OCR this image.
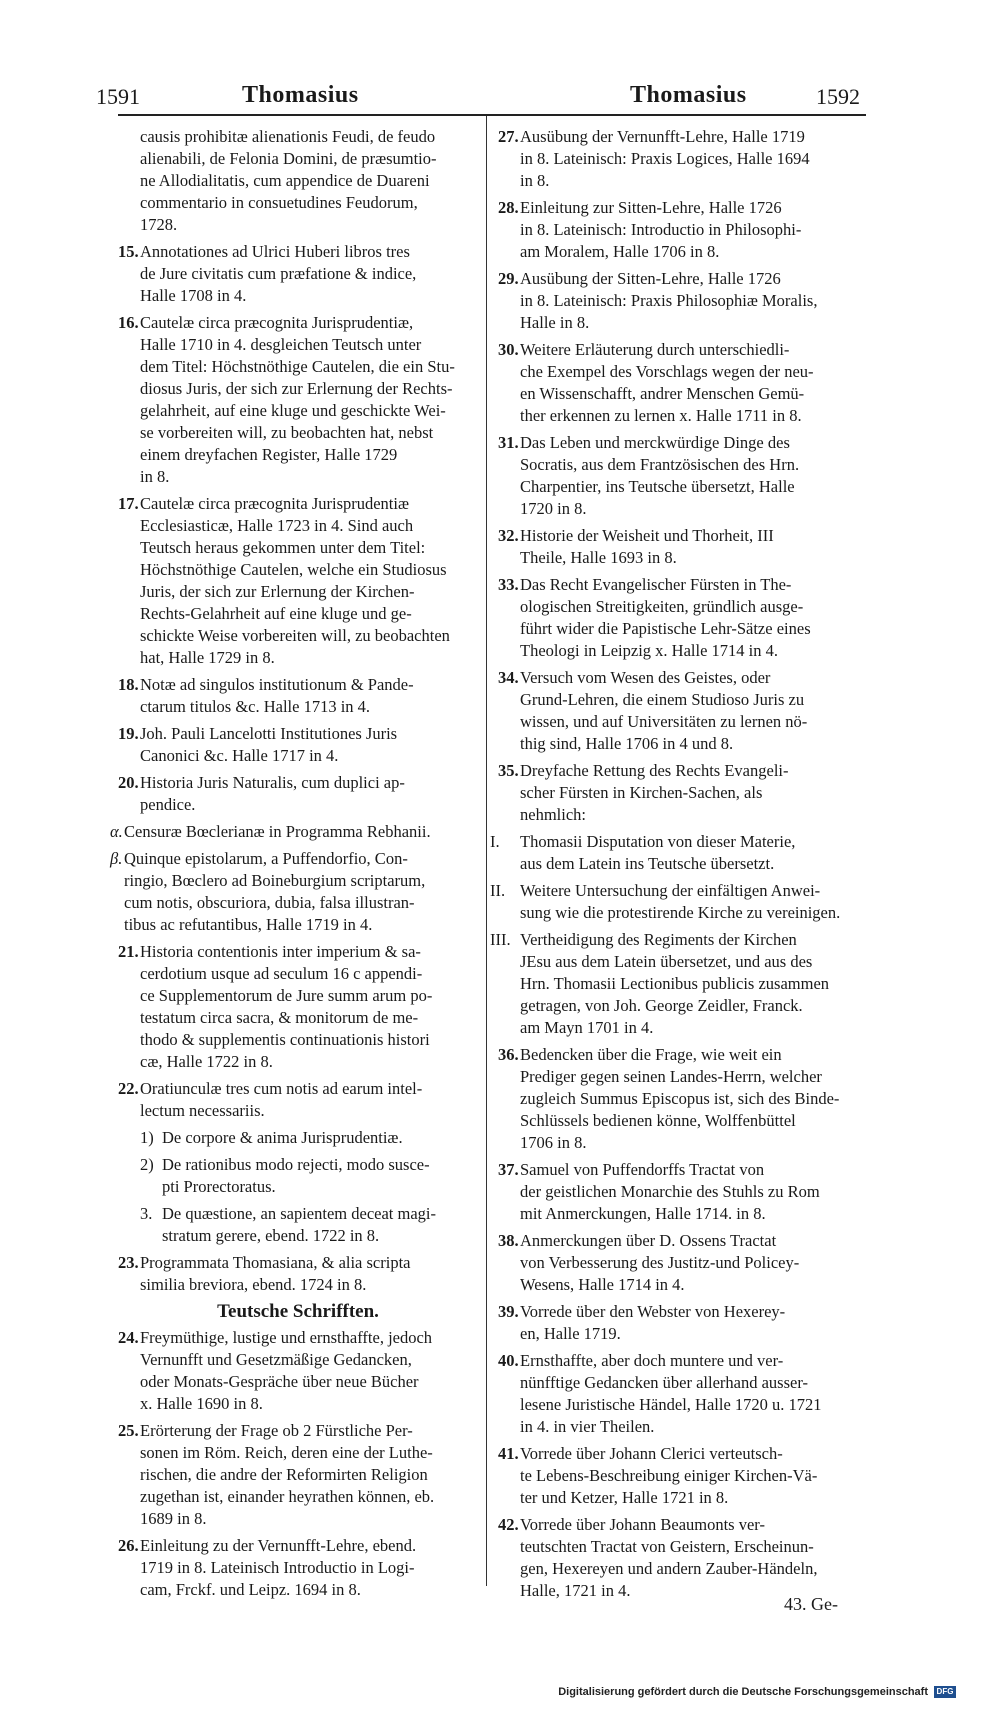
1591	Thomasius	Thomasius	1592
causis prohibitæ alienationis Feudi, de feudo
alienabili, de Felonia Domini, de præsumtio-
ne Allodialitatis, cum appendice de Duareni
commentario in consuetudines Feudorum,
1728.
15. Annotationes ad Ulrici Huberi libros tres
de Jure civitatis cum præfatione & indice,
Halle 1708 in 4.
16. Cautelæ circa præcognita Jurisprudentiæ,
Halle 1710 in 4. desgleichen Teutsch unter
dem Titel: Höchstnöthige Cautelen, die ein Stu-
diosus Juris, der sich zur Erlernung der Rechts-
gelahrheit, auf eine kluge und geschickte Wei-
se vorbereiten will, zu beobachten hat, nebst
einem dreyfachen Register, Halle 1729
in 8.
17. Cautelæ circa præcognita Jurisprudentiæ
Ecclesiasticæ, Halle 1723 in 4. Sind auch
Teutsch heraus gekommen unter dem Titel:
Höchstnöthige Cautelen, welche ein Studiosus
Juris, der sich zur Erlernung der Kirchen-
Rechts-Gelahrheit auf eine kluge und ge-
schickte Weise vorbereiten will, zu beobachten
hat, Halle 1729 in 8.
18. Notæ ad singulos institutionum & Pande-
ctarum titulos &c. Halle 1713 in 4.
19. Joh. Pauli Lancelotti Institutiones Juris
Canonici &c. Halle 1717 in 4.
20. Historia Juris Naturalis, cum duplici ap-
pendice.
α. Censuræ Bœclerianæ in Programma Rebhanii.
β. Quinque epistolarum, a Puffendorfio, Con-
ringio, Bœclero ad Boineburgium scriptarum,
cum notis, obscuriora, dubia, falsa illustran-
tibus ac refutantibus, Halle 1719 in 4.
21. Historia contentionis inter imperium & sa-
cerdotium usque ad seculum 16 c appendi-
ce Supplementorum de Jure summ arum po-
testatum circa sacra, & monitorum de me-
thodo & supplementis continuationis histori
cæ, Halle 1722 in 8.
22. Oratiunculæ tres cum notis ad earum intel-
lectum necessariis.
1) De corpore & anima Jurisprudentiæ.
2) De rationibus modo rejecti, modo susce-
pti Prorectoratus.
3. De quæstione, an sapientem deceat magi-
stratum gerere, ebend. 1722 in 8.
23. Programmata Thomasiana, & alia scripta
similia breviora, ebend. 1724 in 8.
Teutsche Schrifften.
24. Freymüthige, lustige und ernsthaffte, jedoch
Vernunfft und Gesetzmäßige Gedancken,
oder Monats-Gespräche über neue Bücher
x. Halle 1690 in 8.
25. Erörterung der Frage ob 2 Fürstliche Per-
sonen im Röm. Reich, deren eine der Luthe-
rischen, die andre der Reformirten Religion
zugethan ist, einander heyrathen können, eb.
1689 in 8.
26. Einleitung zu der Vernunfft-Lehre, ebend.
1719 in 8. Lateinisch Introductio in Logi-
cam, Frckf. und Leipz. 1694 in 8.
27. Ausübung der Vernunfft-Lehre, Halle 1719
in 8. Lateinisch: Praxis Logices, Halle 1694
in 8.
28. Einleitung zur Sitten-Lehre, Halle 1726
in 8. Lateinisch: Introductio in Philosophi-
am Moralem, Halle 1706 in 8.
29. Ausübung der Sitten-Lehre, Halle 1726
in 8. Lateinisch: Praxis Philosophiæ Moralis,
Halle in 8.
30. Weitere Erläuterung durch unterschiedli-
che Exempel des Vorschlags wegen der neu-
en Wissenschafft, andrer Menschen Gemü-
ther erkennen zu lernen x. Halle 1711 in 8.
31. Das Leben und merckwürdige Dinge des
Socratis, aus dem Frantzösischen des Hrn.
Charpentier, ins Teutsche übersetzt, Halle
1720 in 8.
32. Historie der Weisheit und Thorheit, III
Theile, Halle 1693 in 8.
33. Das Recht Evangelischer Fürsten in The-
ologischen Streitigkeiten, gründlich ausge-
führt wider die Papistische Lehr-Sätze eines
Theologi in Leipzig x. Halle 1714 in 4.
34. Versuch vom Wesen des Geistes, oder
Grund-Lehren, die einem Studioso Juris zu
wissen, und auf Universitäten zu lernen nö-
thig sind, Halle 1706 in 4 und 8.
35. Dreyfache Rettung des Rechts Evangeli-
scher Fürsten in Kirchen-Sachen, als
nehmlich:
I. Thomasii Disputation von dieser Materie,
aus dem Latein ins Teutsche übersetzt.
II. Weitere Untersuchung der einfältigen Anwei-
sung wie die protestirende Kirche zu vereinigen.
III. Vertheidigung des Regiments der Kirchen
JEsu aus dem Latein übersetzet, und aus des
Hrn. Thomasii Lectionibus publicis zusammen
getragen, von Joh. George Zeidler, Franck.
am Mayn 1701 in 4.
36. Bedencken über die Frage, wie weit ein
Prediger gegen seinen Landes-Herrn, welcher
zugleich Summus Episcopus ist, sich des Binde-
Schlüssels bedienen könne, Wolffenbüttel
1706 in 8.
37. Samuel von Puffendorffs Tractat von
der geistlichen Monarchie des Stuhls zu Rom
mit Anmerckungen, Halle 1714. in 8.
38. Anmerckungen über D. Ossens Tractat
von Verbesserung des Justitz-und Policey-
Wesens, Halle 1714 in 4.
39. Vorrede über den Webster von Hexerey-
en, Halle 1719.
40. Ernsthaffte, aber doch muntere und ver-
nünfftige Gedancken über allerhand ausser-
lesene Juristische Händel, Halle 1720 u. 1721
in 4. in vier Theilen.
41. Vorrede über Johann Clerici verteutsch-
te Lebens-Beschreibung einiger Kirchen-Vä-
ter und Ketzer, Halle 1721 in 8.
42. Vorrede über Johann Beaumonts ver-
teutschten Tractat von Geistern, Erscheinun-
gen, Hexereyen und andern Zauber-Händeln,
Halle, 1721 in 4.
43. Ge-
Digitalisierung gefördert durch die Deutsche Forschungsgemeinschaft	DFG
